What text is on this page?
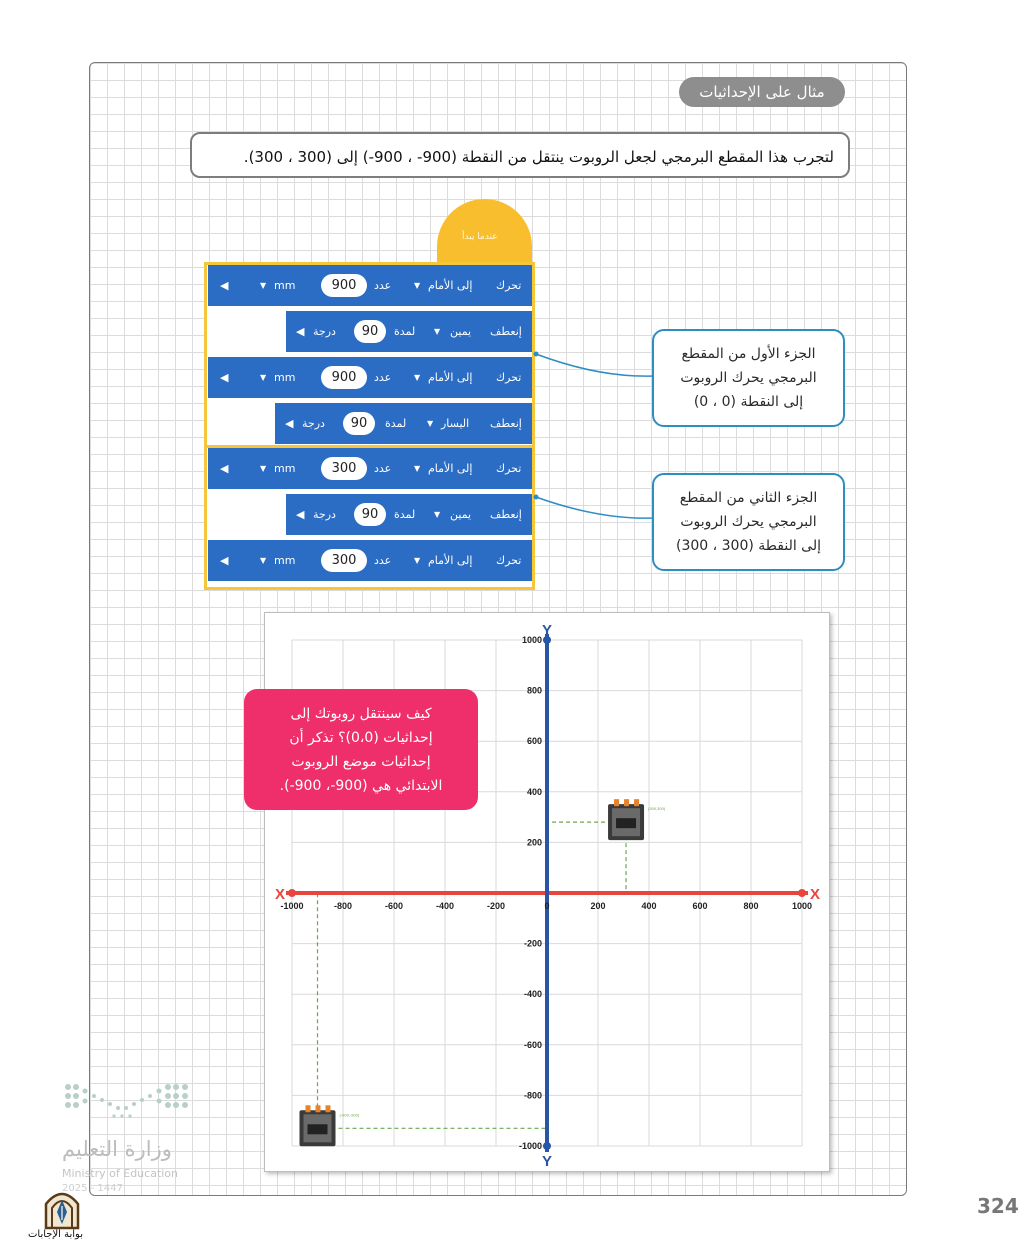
مثال على الإحداثيات
لتجرب هذا المقطع البرمجي لجعل الروبوت ينتقل من النقطة (900- ، 900-) إلى (300 ، 300).
عندما يبدأ
◀	▼ mm	900	عدد	▼ إلى الأمام تحرك
◀ درجة	90	لمدة ▼ يمين إنعطف
◀	▼ mm	900	عدد	▼ إلى الأمام تحرك
◀ درجة	90	لمدة	▼ اليسار إنعطف
◀	▼ mm	300	عدد	▼ إلى الأمام تحرك
◀ درجة	90	لمدة ▼ يمين إنعطف
◀	▼ mm	300	عدد	▼ إلى الأمام تحرك
الجزء الأول من المقطع
البرمجي يحرك الروبوت
إلى النقطة (0 ، 0)
الجزء الثاني من المقطع
البرمجي يحرك الروبوت
إلى النقطة (300 ، 300)
X	X
Y
Y
-1000	-800	-600	-400	-200	0	200	400	600	800	1000
1000
800
600
400
200
-200
-400
-600
-800
-1000
(-900,-900)
(300,300)
كيف سينتقل روبوتك إلى
إحداثيات (0،0)؟ تذكر أن
إحداثيات موضع الروبوت
الابتدائي هي (900-، 900-).
وزارة التعليم
Ministry of Education
2025 - 1447
بوابة الإجابات
324
